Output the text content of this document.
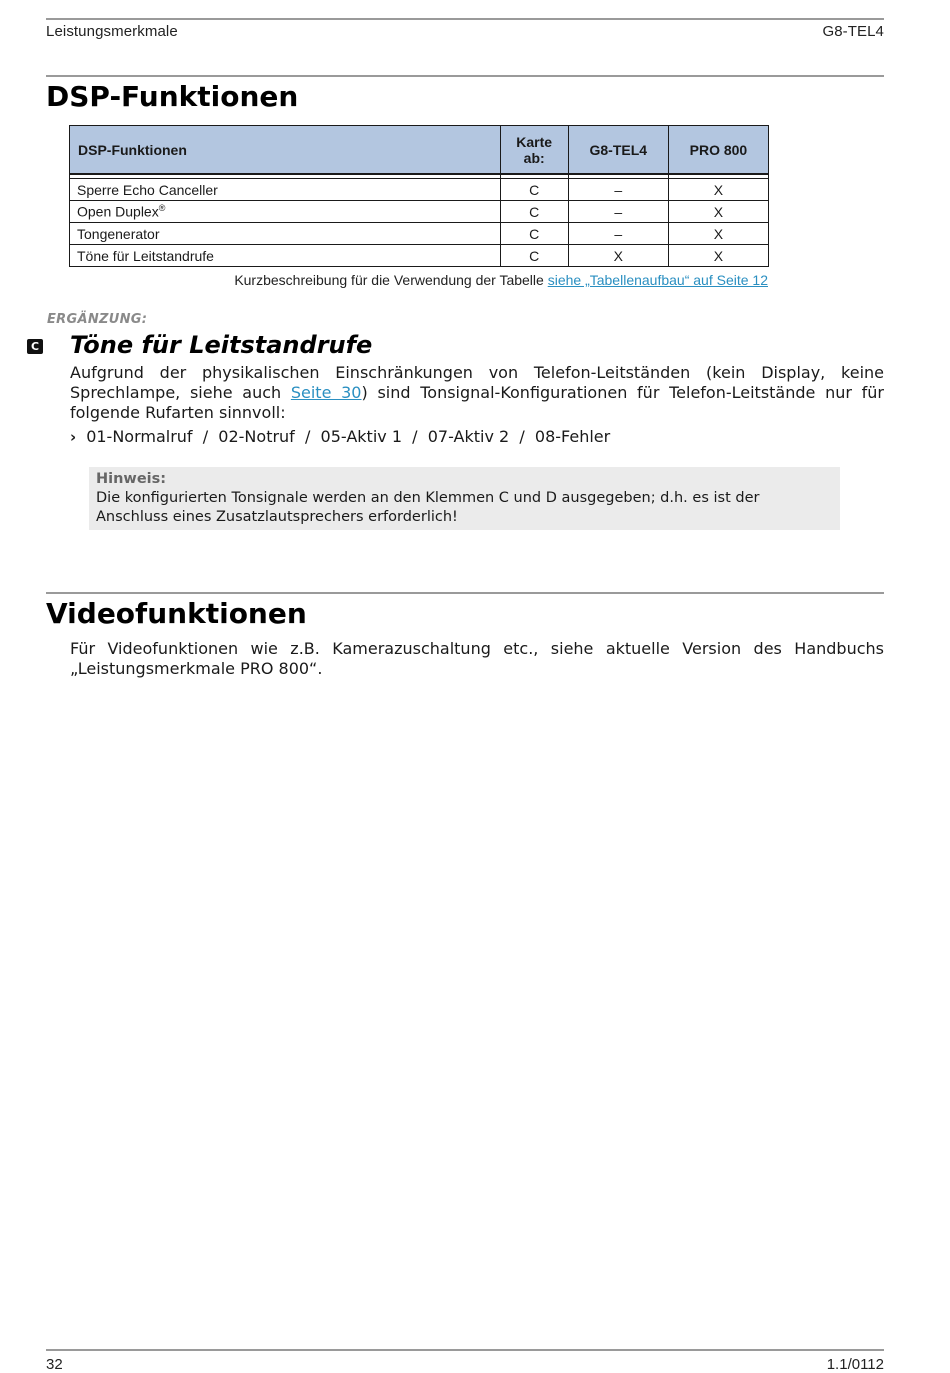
Leistungsmerkmale	G8-TEL4
DSP-Funktionen
DSP-Funktionen	Karte ab:	G8-TEL4	PRO 800

Sperre Echo Canceller	C	–	X
Open Duplex®	C	–	X
Tongenerator	C	–	X
Töne für Leitstandrufe	C	X	X
Kurzbeschreibung für die Verwendung der Tabelle siehe „Tabellenaufbau“ auf Seite 12
ERGÄNZUNG:
C Töne für Leitstandrufe

Aufgrund der physikalischen Einschränkungen von Telefon-Leitständen (kein Display, keine Sprechlampe, siehe auch Seite 30) sind Tonsignal-Konfigurationen für Telefon-Leitstände nur für folgende Rufarten sinnvoll:

› 01-Normalruf  /  02-Notruf  /  05-Aktiv 1  /  07-Aktiv 2  /  08-Fehler
Hinweis:
Die konfigurierten Tonsignale werden an den Klemmen C und D ausgegeben; d.h. es ist der Anschluss eines Zusatzlautsprechers erforderlich!
Videofunktionen

Für Videofunktionen wie z.B. Kamerazuschaltung etc., siehe aktuelle Version des Handbuchs „Leistungsmerkmale PRO 800“.

32	1.1/0112
